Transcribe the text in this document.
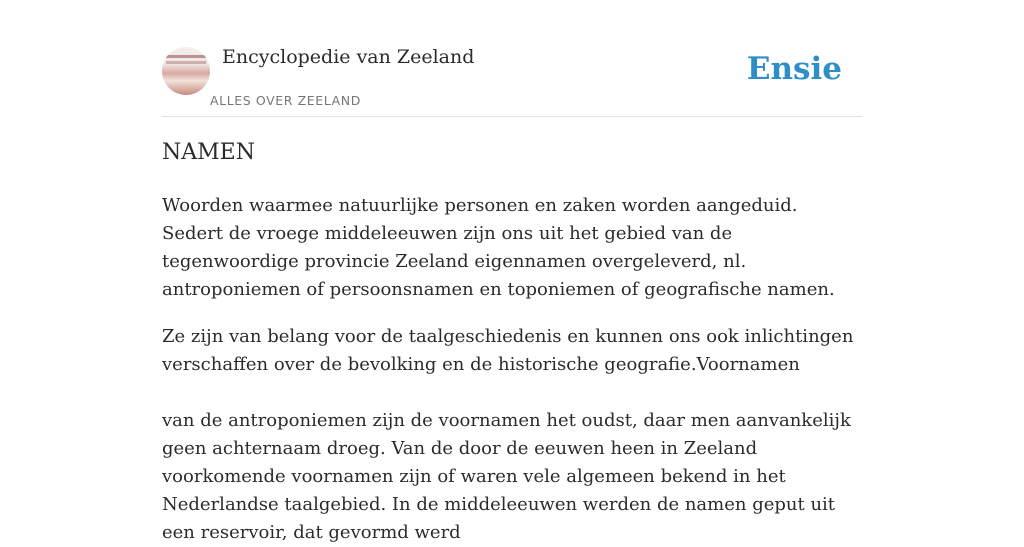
Encyclopedie van Zeeland
ALLES OVER ZEELAND
Ensie
NAMEN

Woorden waarmee natuurlijke personen en zaken worden aangeduid. Sedert de vroege middeleeuwen zijn ons uit het gebied van de tegenwoordige provincie Zeeland eigennamen overgeleverd, nl. antroponiemen of persoonsnamen en toponiemen of geografische namen.

Ze zijn van belang voor de taalgeschiedenis en kunnen ons ook inlichtingen verschaffen over de bevolking en de historische geografie.Voornamen

van de antroponiemen zijn de voornamen het oudst, daar men aanvankelijk geen achternaam droeg. Van de door de eeuwen heen in Zeeland voorkomende voornamen zijn of waren vele algemeen bekend in het Nederlandse taalgebied. In de middeleeuwen werden de namen geput uit een reservoir, dat gevormd werd
